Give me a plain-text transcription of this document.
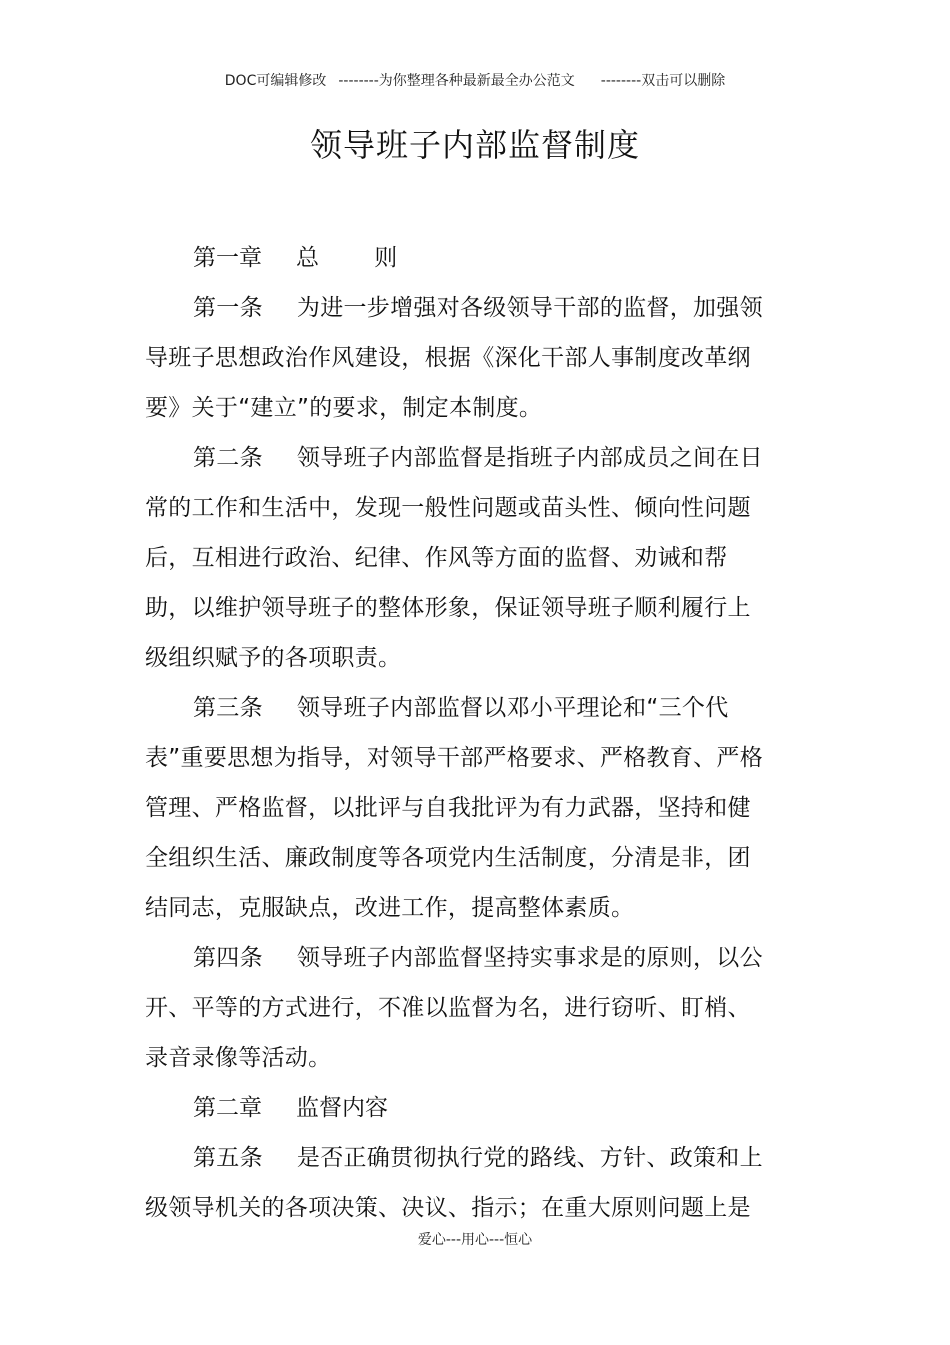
DOC可编辑修改 --------为你整理各种最新最全办公范文 --------双击可以删除
领导班子内部监督制度

第一章 总 则

第一条 为进一步增强对各级领导干部的监督，加强领导班子思想政治作风建设，根据《深化干部人事制度改革纲要》关于“建立”的要求，制定本制度。

第二条 领导班子内部监督是指班子内部成员之间在日常的工作和生活中，发现一般性问题或苗头性、倾向性问题后，互相进行政治、纪律、作风等方面的监督、劝诫和帮助，以维护领导班子的整体形象，保证领导班子顺利履行上级组织赋予的各项职责。

第三条 领导班子内部监督以邓小平理论和“三个代表”重要思想为指导，对领导干部严格要求、严格教育、严格管理、严格监督，以批评与自我批评为有力武器，坚持和健全组织生活、廉政制度等各项党内生活制度，分清是非，团结同志，克服缺点，改进工作，提高整体素质。

第四条 领导班子内部监督坚持实事求是的原则，以公开、平等的方式进行，不准以监督为名，进行窃听、盯梢、录音录像等活动。

第二章 监督内容

第五条 是否正确贯彻执行党的路线、方针、政策和上级领导机关的各项决策、决议、指示；在重大原则问题上是

爱心---用心---恒心
